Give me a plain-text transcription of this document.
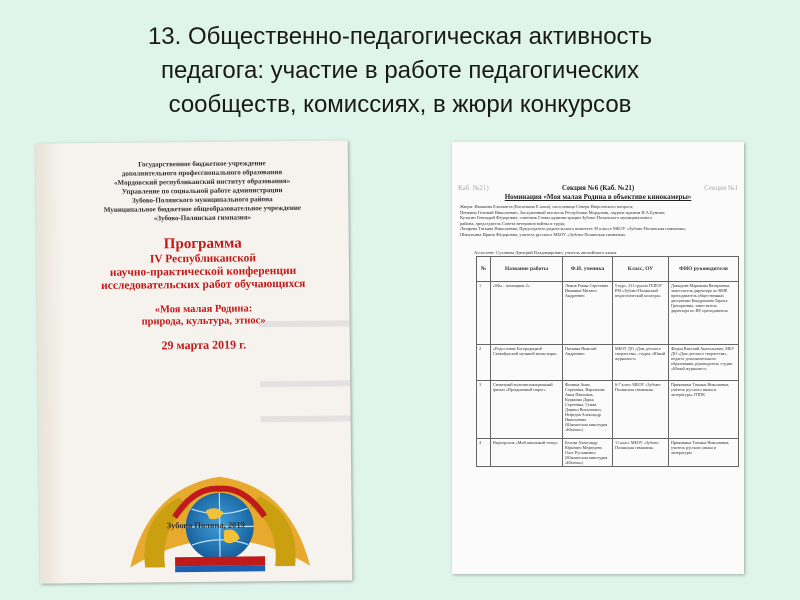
13. Общественно-педагогическая активность
педагога: участие в работе педагогических
сообществ, комиссиях, в жюри конкурсов
Государственное бюджетное учреждение
дополнительного профессионального образования
«Мордовский республиканский институт образования»
Управление по социальной работе администрации
Зубово-Полянского муниципального района
Муниципальное бюджетное общеобразовательное учреждение
«Зубово-Полянская гимназия»
Программа
IV Республиканской
научно-практической конференции
исследовательских работ обучающихся
«Моя малая Родина:
природа, культура, этнос»
29 марта 2019 г.
Зубова Поляна, 2019
Каб. №21)	Секция №6 (Каб. №21)	Секция №1
Номинация «Моя малая Родина в объективе кинокамеры»
Жюри: Ивашина Елизавета (Касаткина Е.алия), посольница Севера Нюрсевского вопроса;
Пенкина Гелинай Николаевич, Заслуженный писатель Республики Мордовия, лауреат премии И.А.Бунина;
Кулагин Геннадий Фёдорович, советник Главы администрации Зубово-Полянского муниципального
района, председатель Совета ветеранов войны и труда;
Лазарева Татьяна Николаевна, Председатель родительского комитета 39 классе МБОУ «Зубово-Полянская гимназия»;
Шмыткина Ирина Фёдоровна, учитель русского МБОУ «Зубово-Полянская гимназия»
Ассистент: Суханова Дмитрий Владимирович, учитель английского языка
№	Название работы	Ф.И. ученика	Класс, ОУ	ФИО руководителя
1	«Мы – помощник 2»	Лыков Роман Сергеевич Ивашина Михаил Андреевич	5 курс, 411 группа ГБПОУ РМ «Зубово-Полянский педагогический колледж»	Давыдова Марианна Валерьевна, заместитель директора по ВМР, преподаватель общественных дисциплин Кондрашова Лариса Григорьевна, заместитель директора по ВР, преподаватель
2	«Родословие Богородицкой Сюжайдоской музыкой монастыря»	Пяткина Николай Андреевич	МБОУ ДО «Дом детского творчества», студия «Юный журналист»	Федин Виталий Анатольевич, МБУ ДО «Дом детского творчества», педагог дополнительного образования, руководитель студии «Юный журналист»
3	Сюжетный мультипликационный фильм «Праздничный пирог»	Фомина Анна Сергеевна, Варламова Анна Павловна, Куракина Дарья Сергеевна, Гужва Даниил Витальевич, Нефедов Александр Николаевич (Юношеская кинотудия «Юнгма»)	6-7 класс МБОУ «Зубово-Полянская гимназия»	Приямкина Татьяна Николаевна, учитель русского языка и литературы, ГППК
4	Видеоролик «Мой школьный театр»	Белова Александр Юрьевич Медведева Олег Русланович (Юношеская кинотудия «Юнгма»)	11 класс МБОУ «Зубово-Полянская гимназия»	Приямкина Татьяна Николаевна, учитель русского языка и литературы
